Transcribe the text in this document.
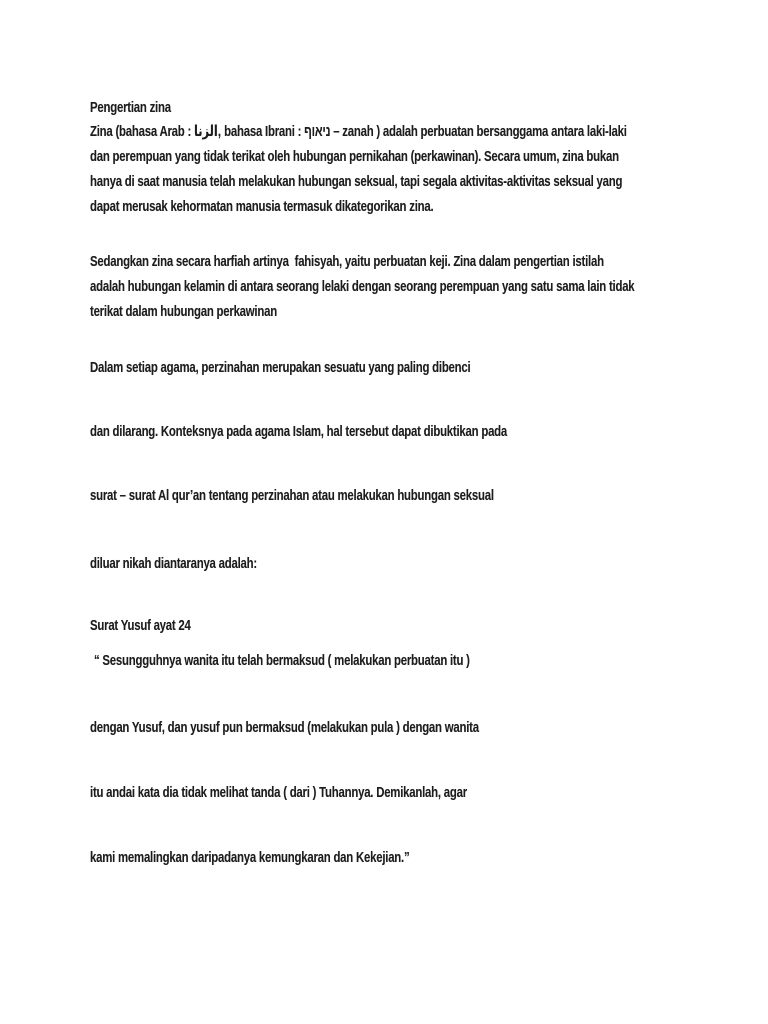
Pengertian zina
Zina (bahasa Arab : الزنا, bahasa Ibrani : ניאוף – zanah ) adalah perbuatan bersanggama antara laki-laki
dan perempuan yang tidak terikat oleh hubungan pernikahan (perkawinan). Secara umum, zina bukan
hanya di saat manusia telah melakukan hubungan seksual, tapi segala aktivitas-aktivitas seksual yang
dapat merusak kehormatan manusia termasuk dikategorikan zina.
Sedangkan zina secara harfiah artinya  fahisyah, yaitu perbuatan keji. Zina dalam pengertian istilah
adalah hubungan kelamin di antara seorang lelaki dengan seorang perempuan yang satu sama lain tidak
terikat dalam hubungan perkawinan
Dalam setiap agama, perzinahan merupakan sesuatu yang paling dibenci
dan dilarang. Konteksnya pada agama Islam, hal tersebut dapat dibuktikan pada
surat – surat Al qur’an tentang perzinahan atau melakukan hubungan seksual
diluar nikah diantaranya adalah:
Surat Yusuf ayat 24
“ Sesungguhnya wanita itu telah bermaksud ( melakukan perbuatan itu )
dengan Yusuf, dan yusuf pun bermaksud (melakukan pula ) dengan wanita
itu andai kata dia tidak melihat tanda ( dari ) Tuhannya. Demikanlah, agar
kami memalingkan daripadanya kemungkaran dan Kekejian.”
